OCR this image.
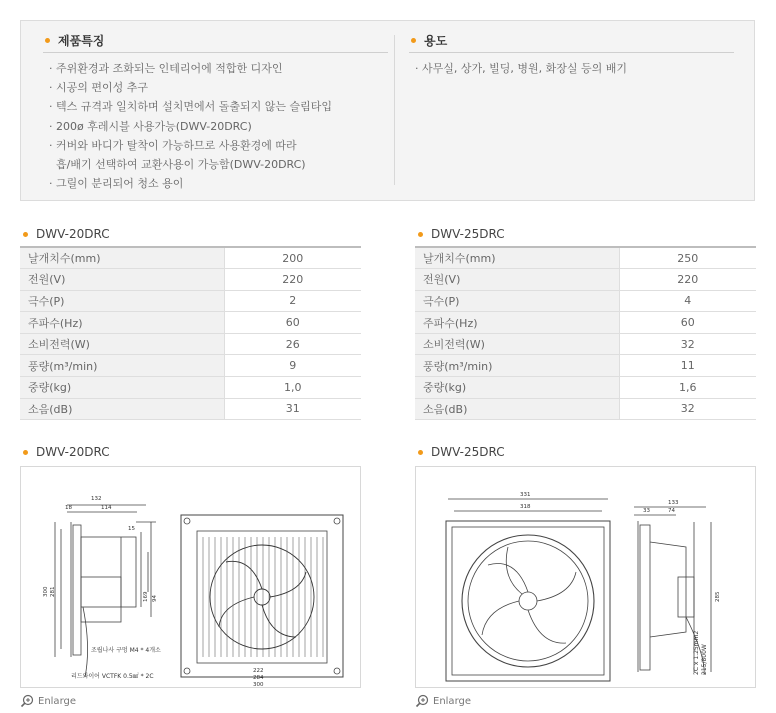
제품특징
· 주위환경과 조화되는 인테리어에 적합한 디자인
· 시공의 편이성 추구
· 텍스 규격과 일치하며 설치면에서 돌출되지 않는 슬림타입
· 200ø 후레시블 사용가능(DWV-20DRC)
· 커버와 바디가 탈착이 가능하므로 사용환경에 따라
흡/배기 선택하여 교환사용이 가능함(DWV-20DRC)
· 그릴이 분리되어 청소 용이
용도
· 사무실, 상가, 빌딩, 병원, 화장실 등의 배기
DWV-20DRC
날개치수(mm)	200
전원(V)	220
극수(P)	2
주파수(Hz)	60
소비전력(W)	26
풍량(m³/min)	9
중량(kg)	1,0
소음(dB)	31
DWV-25DRC
날개치수(mm)	250
전원(V)	220
극수(P)	4
주파수(Hz)	60
소비전력(W)	32
풍량(m³/min)	11
중량(kg)	1,6
소음(dB)	32
DWV-20DRC
132
114
18
15
300 281	169 94
222
284
300
조립나사 구멍 M4 * 4개소
리드와이어 VCTFK 0.5㎟ * 2C
Enlarge
DWV-25DRC
331
318
133
74
33
285
2C x 1.25mm2 215/800W
Enlarge
